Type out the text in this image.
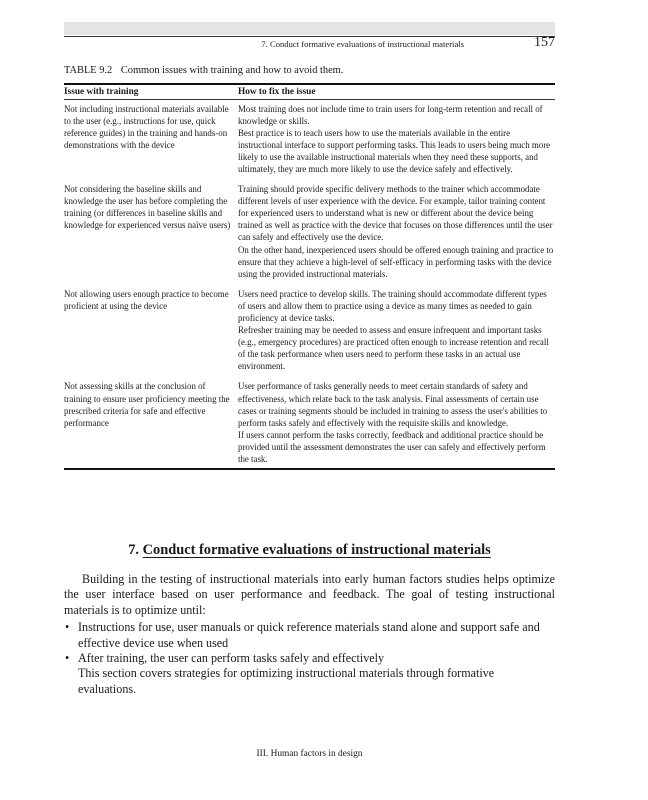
7. Conduct formative evaluations of instructional materials	157
TABLE 9.2 Common issues with training and how to avoid them.
Issue with training	How to fix the issue
Not including instructional materials available to the user (e.g., instructions for use, quick reference guides) in the training and hands-on demonstrations with the device

Most training does not include time to train users for long-term retention and recall of knowledge or skills.

Best practice is to teach users how to use the materials available in the entire instructional interface to support performing tasks. This leads to users being much more likely to use the available instructional materials when they need these supports, and ultimately, they are much more likely to use the device safely and effectively.

Not considering the baseline skills and knowledge the user has before completing the training (or differences in baseline skills and knowledge for experienced versus naïve users)

Training should provide specific delivery methods to the trainer which accommodate different levels of user experience with the device. For example, tailor training content for experienced users to understand what is new or different about the device being trained as well as practice with the device that focuses on those differences until the user can safely and effectively use the device.

On the other hand, inexperienced users should be offered enough training and practice to ensure that they achieve a high-level of self-efficacy in performing tasks with the device using the provided instructional materials.

Not allowing users enough practice to become proficient at using the device

Users need practice to develop skills. The training should accommodate different types of users and allow them to practice using a device as many times as needed to gain proficiency at device tasks.

Refresher training may be needed to assess and ensure infrequent and important tasks (e.g., emergency procedures) are practiced often enough to increase retention and recall of the task performance when users need to perform these tasks in an actual use environment.

Not assessing skills at the conclusion of training to ensure user proficiency meeting the prescribed criteria for safe and effective performance

User performance of tasks generally needs to meet certain standards of safety and effectiveness, which relate back to the task analysis. Final assessments of certain use cases or training segments should be included in training to assess the user's abilities to perform tasks safely and effectively with the requisite skills and knowledge.

If users cannot perform the tasks correctly, feedback and additional practice should be provided until the assessment demonstrates the user can safely and effectively perform the task.

7. Conduct formative evaluations of instructional materials

Building in the testing of instructional materials into early human factors studies helps optimize the user interface based on user performance and feedback. The goal of testing instructional materials is to optimize until:

• Instructions for use, user manuals or quick reference materials stand alone and support safe and effective device use when used
• After training, the user can perform tasks safely and effectively

This section covers strategies for optimizing instructional materials through formative evaluations.

III. Human factors in design
